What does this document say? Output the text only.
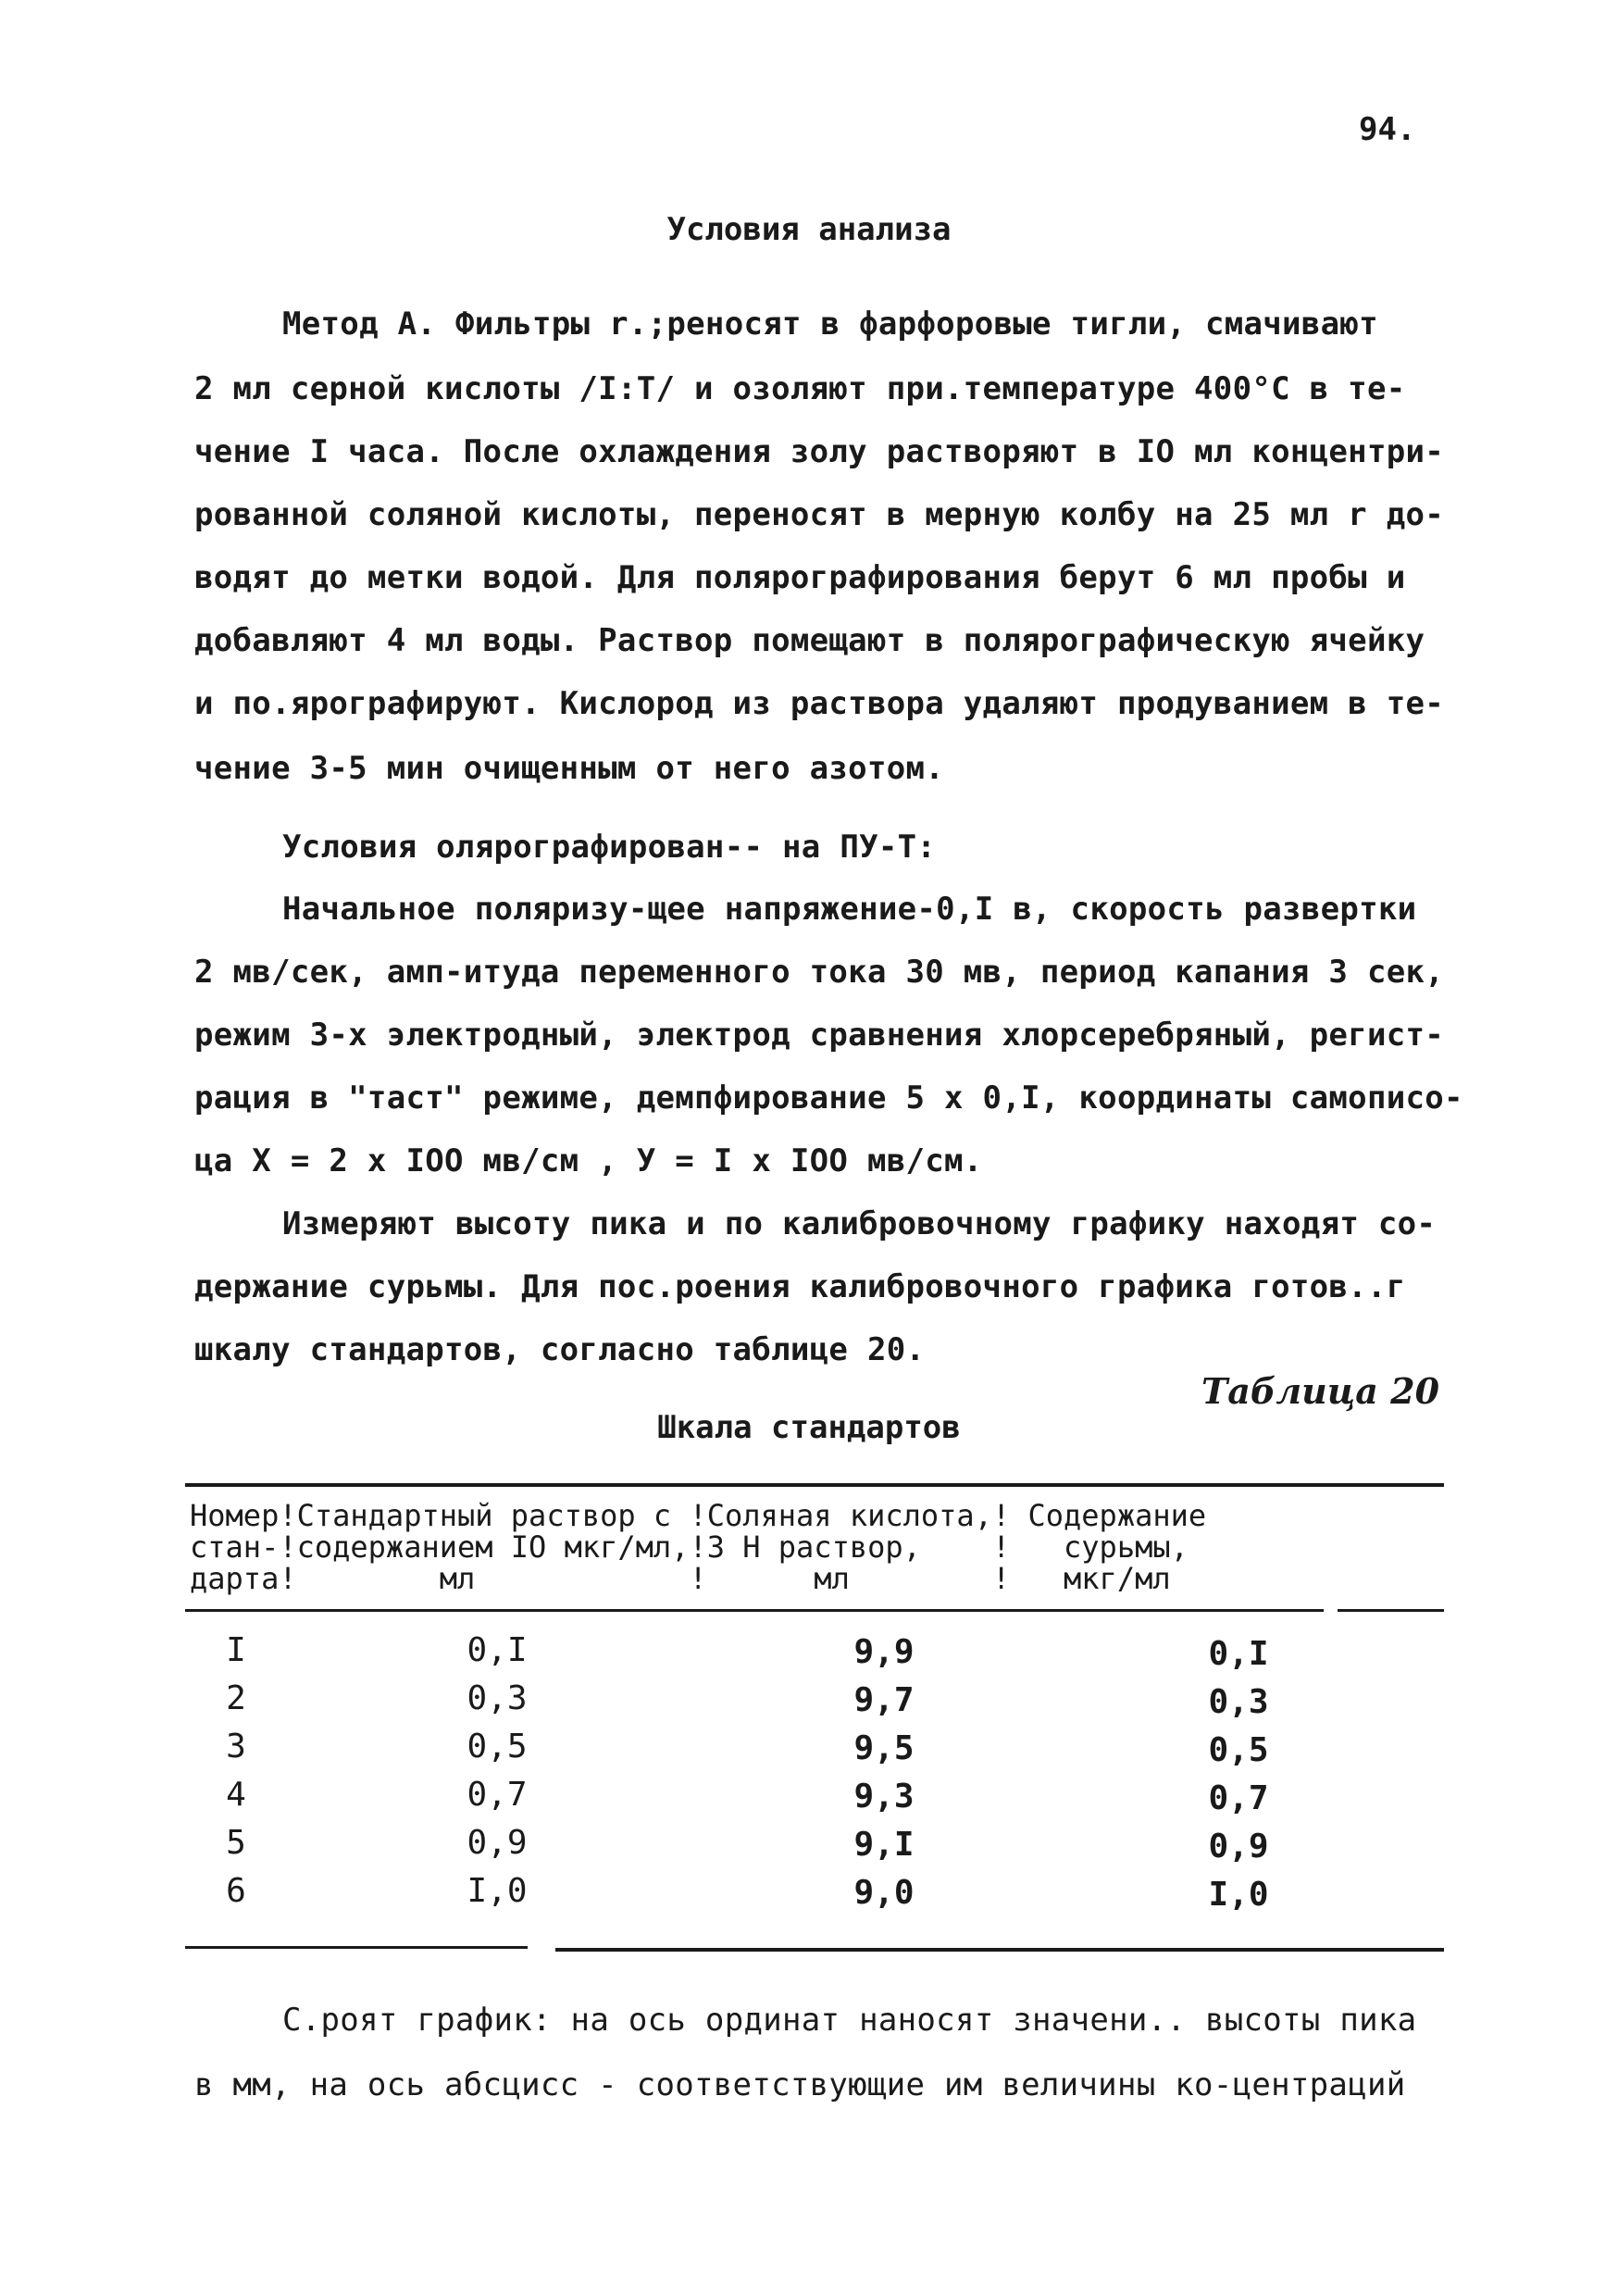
94.
Условия анализа
Метод А. Фильтры r.;реносят в фарфоровые тигли, смачивают
2 мл серной кислоты /I:T/ и озоляют при.температуре 400°C в те-
чение I часа. После охлаждения золу растворяют в IO мл концентри-
рованной соляной кислоты, переносят в мерную колбу на 25 мл r до-
водят до метки водой. Для полярографирования берут 6 мл пробы и
добавляют 4 мл воды. Раствор помещают в полярографическую ячейку
и по.ярографируют. Кислород из раствора удаляют продуванием в те-
чение 3-5 мин очищенным от него азотом.
Условия олярографирован-- на ПУ-T:
Начальное поляризу-щее напряжение-0,I в, скорость развертки
2 мв/сек, амп-итуда переменного тока 30 мв, период капания 3 сек,
режим 3-х электродный, электрод сравнения хлорсеребряный, регист-
рация в "таст" режиме, демпфирование 5 x 0,I, координаты самописо-
ца X = 2 x IOO мв/см , У = I x IOO мв/см.
Измеряют высоту пика и по калибровочному графику находят со-
держание сурьмы. Для пос.роения калибровочного графика готов..г
шкалу стандартов, согласно таблице 20.
Таблица 20
Шкала стандартов
Номер!Стандартный раствор с !Соляная кислота,! Содержание
стан-!содержанием IO мкг/мл,!3 Н раствор,    !   сурьмы,
дарта!        мл            !      мл        !   мкг/мл
I	0,I	9,9	0,I
2	0,3	9,7	0,3
3	0,5	9,5	0,5
4	0,7	9,3	0,7
5	0,9	9,I	0,9
6	I,0	9,0	I,0
С.роят график: на ось ординат наносят значени.. высоты пика
в мм, на ось абсцисс - соответствующие им величины ко-центраций
